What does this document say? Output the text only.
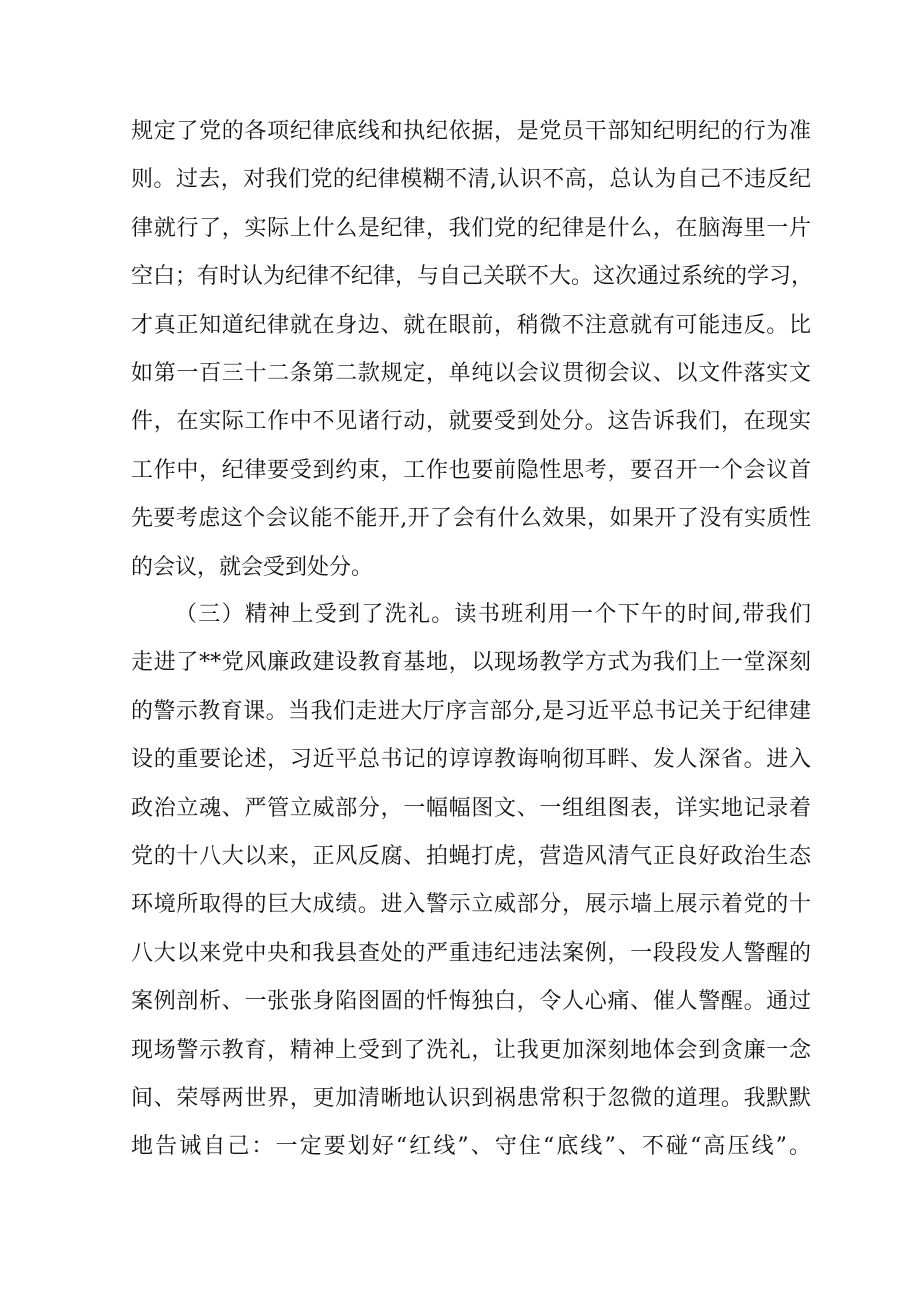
规定了党的各项纪律底线和执纪依据，是党员干部知纪明纪的行为准
则。过去，对我们党的纪律模糊不清,认识不高，总认为自己不违反纪
律就行了，实际上什么是纪律，我们党的纪律是什么，在脑海里一片
空白；有时认为纪律不纪律，与自己关联不大。这次通过系统的学习，
才真正知道纪律就在身边、就在眼前，稍微不注意就有可能违反。比
如第一百三十二条第二款规定，单纯以会议贯彻会议、以文件落实文
件，在实际工作中不见诸行动，就要受到处分。这告诉我们，在现实
工作中，纪律要受到约束，工作也要前隐性思考，要召开一个会议首
先要考虑这个会议能不能开,开了会有什么效果，如果开了没有实质性
的会议，就会受到处分。
（三）精神上受到了洗礼。读书班利用一个下午的时间,带我们
走进了**党风廉政建设教育基地，以现场教学方式为我们上一堂深刻
的警示教育课。当我们走进大厅序言部分,是习近平总书记关于纪律建
设的重要论述，习近平总书记的谆谆教诲响彻耳畔、发人深省。进入
政治立魂、严管立威部分，一幅幅图文、一组组图表，详实地记录着
党的十八大以来，正风反腐、拍蝇打虎，营造风清气正良好政治生态
环境所取得的巨大成绩。进入警示立威部分，展示墙上展示着党的十
八大以来党中央和我县查处的严重违纪违法案例，一段段发人警醒的
案例剖析、一张张身陷囹圄的忏悔独白，令人心痛、催人警醒。通过
现场警示教育，精神上受到了洗礼，让我更加深刻地体会到贪廉一念
间、荣辱两世界，更加清晰地认识到祸患常积于忽微的道理。我默默
地告诫自己：一定要划好“红线”、守住“底线”、不碰“高压线”。
